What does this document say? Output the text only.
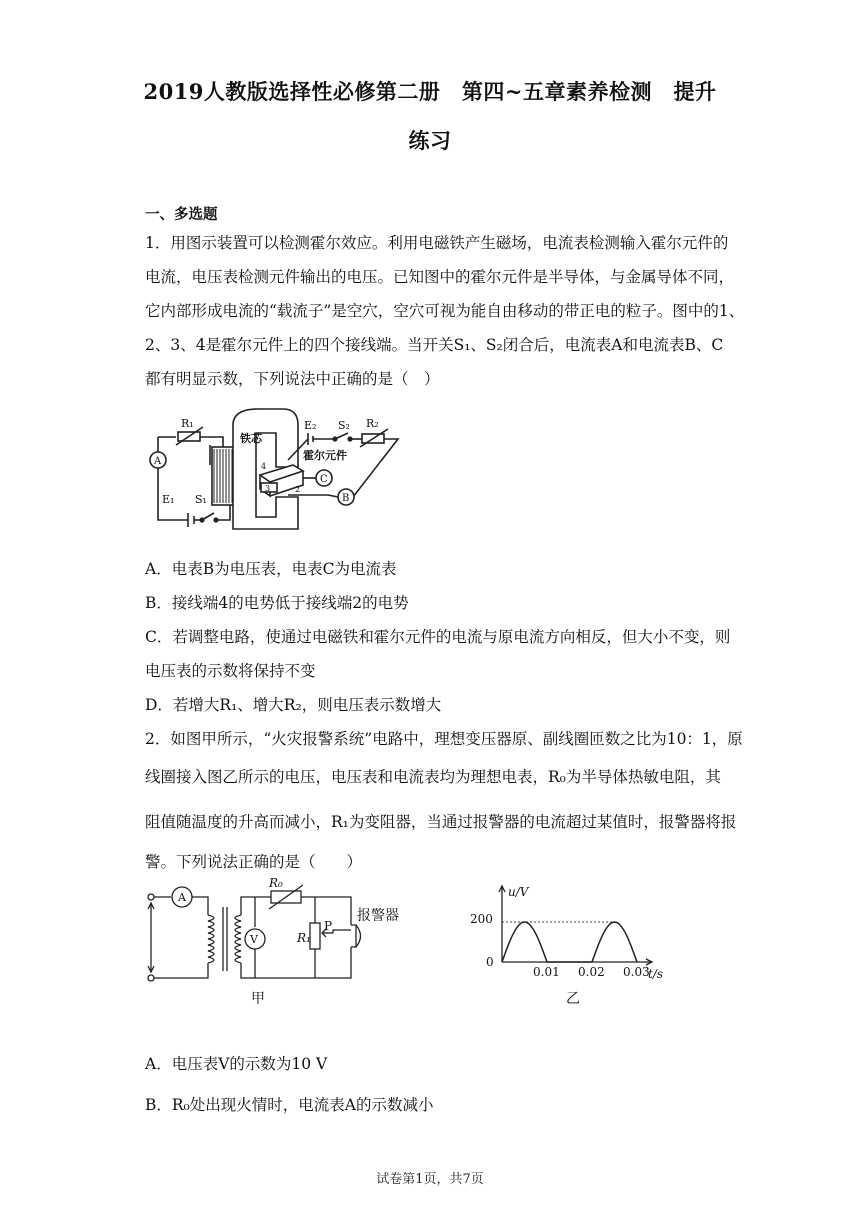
2019人教版选择性必修第二册　第四~五章素养检测　提升
练习
一、多选题
1．用图示装置可以检测霍尔效应。利用电磁铁产生磁场，电流表检测输入霍尔元件的
电流，电压表检测元件输出的电压。已知图中的霍尔元件是半导体，与金属导体不同，
它内部形成电流的“载流子”是空穴，空穴可视为能自由移动的带正电的粒子。图中的1、
2、3、4是霍尔元件上的四个接线端。当开关S₁、S₂闭合后，电流表A和电流表B、C
都有明显示数，下列说法中正确的是（　）
R₁
铁芯
E₂ S₂ R₂
霍尔元件
A
C
B
E₁ S₁
4
3	2
A．电表B为电压表，电表C为电流表
B．接线端4的电势低于接线端2的电势
C．若调整电路，使通过电磁铁和霍尔元件的电流与原电流方向相反，但大小不变，则
电压表的示数将保持不变
D．若增大R₁、增大R₂，则电压表示数增大
2．如图甲所示，“火灾报警系统”电路中，理想变压器原、副线圈匝数之比为10：1，原
线圈接入图乙所示的电压，电压表和电流表均为理想电表，R₀为半导体热敏电阻，其
阻值随温度的升高而减小，R₁为变阻器，当通过报警器的电流超过某值时，报警器将报
警。下列说法正确的是（　　）
A
V
R₀
R₁
P
报警器
甲
u/V
200
0
0.01 0.02 0.03
t/s
乙
A．电压表V的示数为10 V
B．R₀处出现火情时，电流表A的示数减小
试卷第1页，共7页
